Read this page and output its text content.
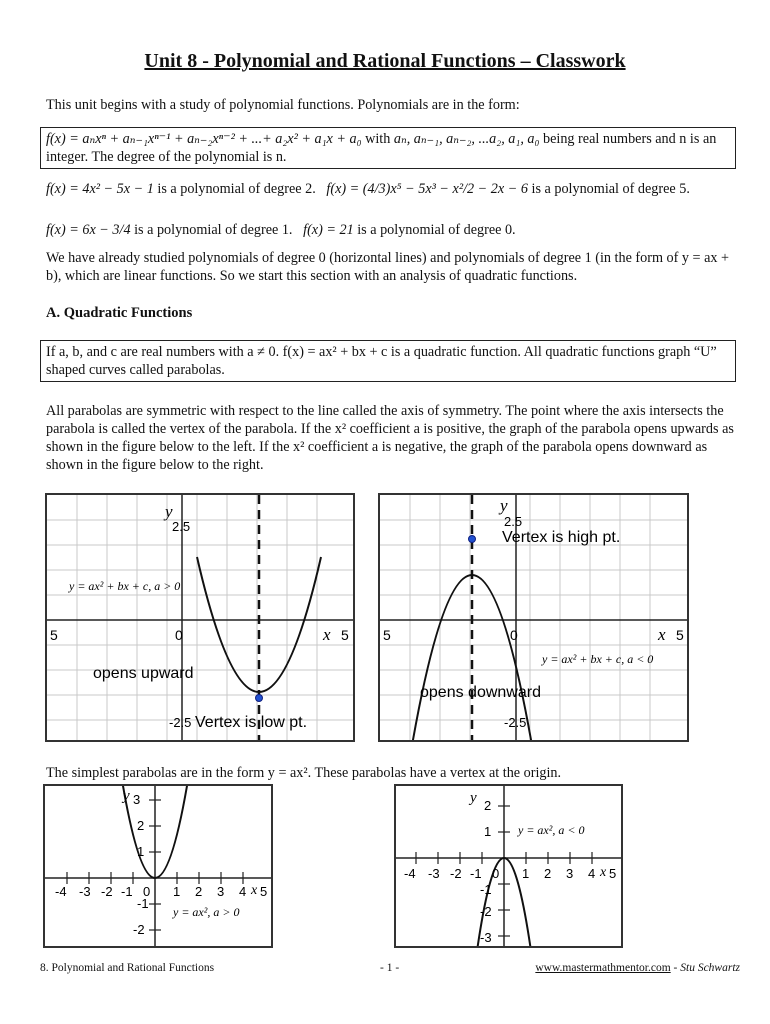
Unit 8 - Polynomial and Rational Functions – Classwork
This unit begins with a study of polynomial functions. Polynomials are in the form:
f(x) = aₙxⁿ + aₙ₋₁xⁿ⁻¹ + aₙ₋₂xⁿ⁻² + ...+ a₂x² + a₁x + a₀ with aₙ, aₙ₋₁, aₙ₋₂, ...a₂, a₁, a₀ being real numbers and n is an integer. The degree of the polynomial is n.
f(x) = 4x² − 5x − 1 is a polynomial of degree 2. f(x) = (4/3)x⁵ − 5x³ − x²/2 − 2x − 6 is a polynomial of degree 5.
f(x) = 6x − 3/4 is a polynomial of degree 1. f(x) = 21 is a polynomial of degree 0.
We have already studied polynomials of degree 0 (horizontal lines) and polynomials of degree 1 (in the form of y = ax + b), which are linear functions. So we start this section with an analysis of quadratic functions.
A. Quadratic Functions
If a, b, and c are real numbers with a ≠ 0. f(x) = ax² + bx + c is a quadratic function. All quadratic functions graph “U” shaped curves called parabolas.
All parabolas are symmetric with respect to the line called the axis of symmetry. The point where the axis intersects the parabola is called the vertex of the parabola. If the x² coefficient a is positive, the graph of the parabola opens upwards as shown in the figure below to the left. If the x² coefficient a is negative, the graph of the parabola opens downward as shown in the figure below to the right.
y
2.5
5	0	x 5
y = ax² + bx + c, a > 0
opens upward
-2.5 Vertex is low pt.
y
2.5
Vertex is high pt.
5	0	x 5
y = ax² + bx + c, a < 0
opens downward
-2.5
The simplest parabolas are in the form y = ax². These parabolas have a vertex at the origin.
y 3
2
1
-4 -3 -2 -1 0 1 2 3 4 x 5
-1
-2
y = ax², a > 0
y 2
1 y = ax², a < 0
-4 -3 -2 -1 0 1 2 3 4 x 5
-1
-2
-3
8. Polynomial and Rational Functions	- 1 -	www.mastermathmentor.com - Stu Schwartz
